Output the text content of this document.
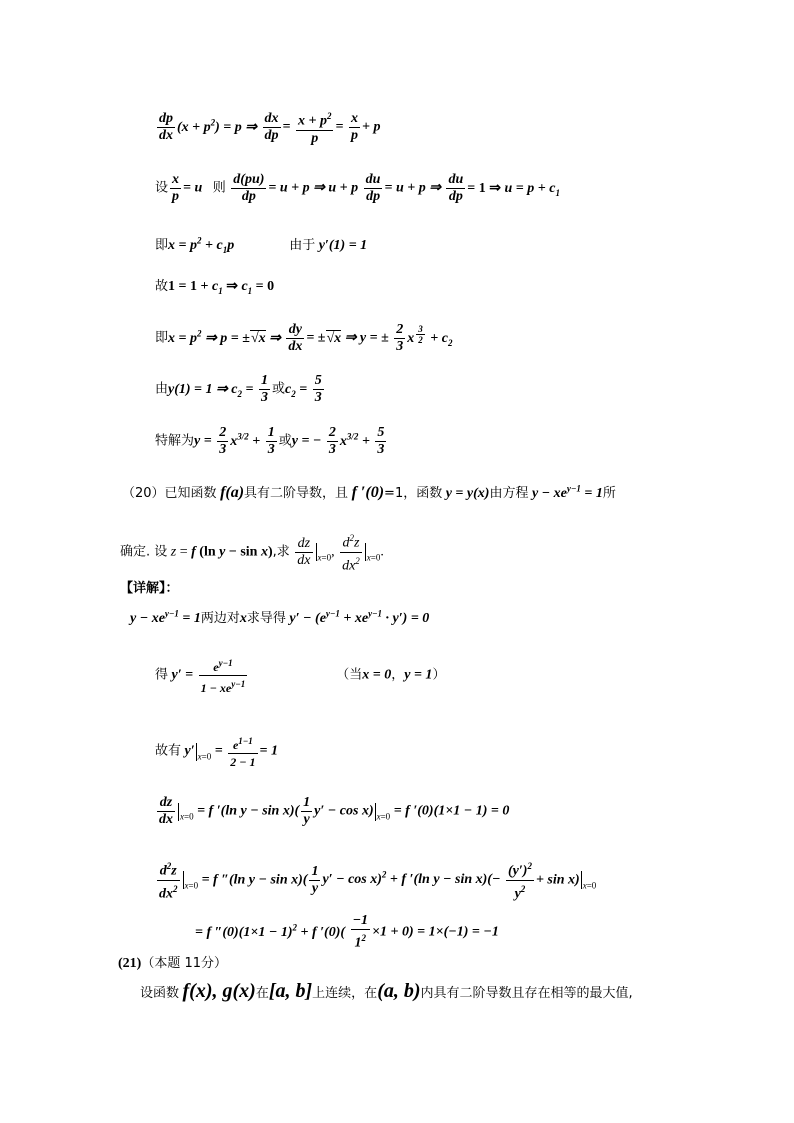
$\frac{dp}{dx} (x + p^2) = p$ ⇒ $\frac{dx}{dp} = \frac{x + p^2}{p} = \frac{x}{p} + p$
设 $\frac{x}{p} = u$ 则 $\frac{d(pu)}{dp} = u + p$ ⇒ u + p $\frac{du}{dp} = u + p$ ⇒ $\frac{du}{dp} = 1$ ⇒ $u = p + c_1$
即$x = p^2 + c_1p$	由于 y′(1) = 1
故$1 = 1 + c_1$ ⇒ $c_1 = 0$
即$x = p^2$ ⇒ p = ±√x ⇒ $\frac{dy}{dx} = \pm√x$ ⇒ y = ± $\frac{2}{3}$ x $^{\frac{3}{2}} + c_2$
由y(1) = 1 ⇒ $c_2 = \frac{1}{3}$ 或$c_2 = \frac{5}{3}$
特解为$y = \frac{2}{3} x^{3/2} + \frac{1}{3}$ 或y = − $\frac{2}{3} x^{3/2} + \frac{5}{3}$
（20）已知函数 f(a)具有二阶导数，且 f ′(0)=1，函数 y = y(x)由方程 $y - xe^{y-1} = 1$所
确定. 设 z = f (ln y − sin x),求 $\frac{dz}{dx} _{x=0}$, $\frac{d^2z}{dx^2} _{x=0}$.
【详解】：
$y - xe^{y-1} = 1$两边对x求导得 $y' - (e^{y-1} + xe^{y-1} \cdot y') = 0$
得 $y' = \frac{e^{y-1}}{1 - xe^{y-1}}$	（当x = 0，y = 1）
故有 y′ $_{x=0} = \frac{e^{1-1}}{2 - 1} = 1$
$\frac{dz}{dx} _{x=0} = f$ ′(ln $y - \sin x)( \frac{1}{y} y' - \cos x)$ $_{x=0}$ = f ′(0)(1×1 − 1) = 0
$\frac{d^2z}{dx^2} _{x=0} = f$ ″(ln $y - \sin x)( \frac{1}{y} y' - \cos x)^2 + f$ ′(ln $y - \sin x)(- \frac{(y')^2}{y^2} + \sin x)$ $_{x=0}$
= f $''(0)(1\times 1 - 1)^2 + f$ $'(0)( \frac{-1}{1^2} \times 1 + 0) = 1\times(-1) = -1$
(21)（本题 11分）
设函数 f(x), g(x)在[a, b]上连续，在(a, b)内具有二阶导数且存在相等的最大值,
